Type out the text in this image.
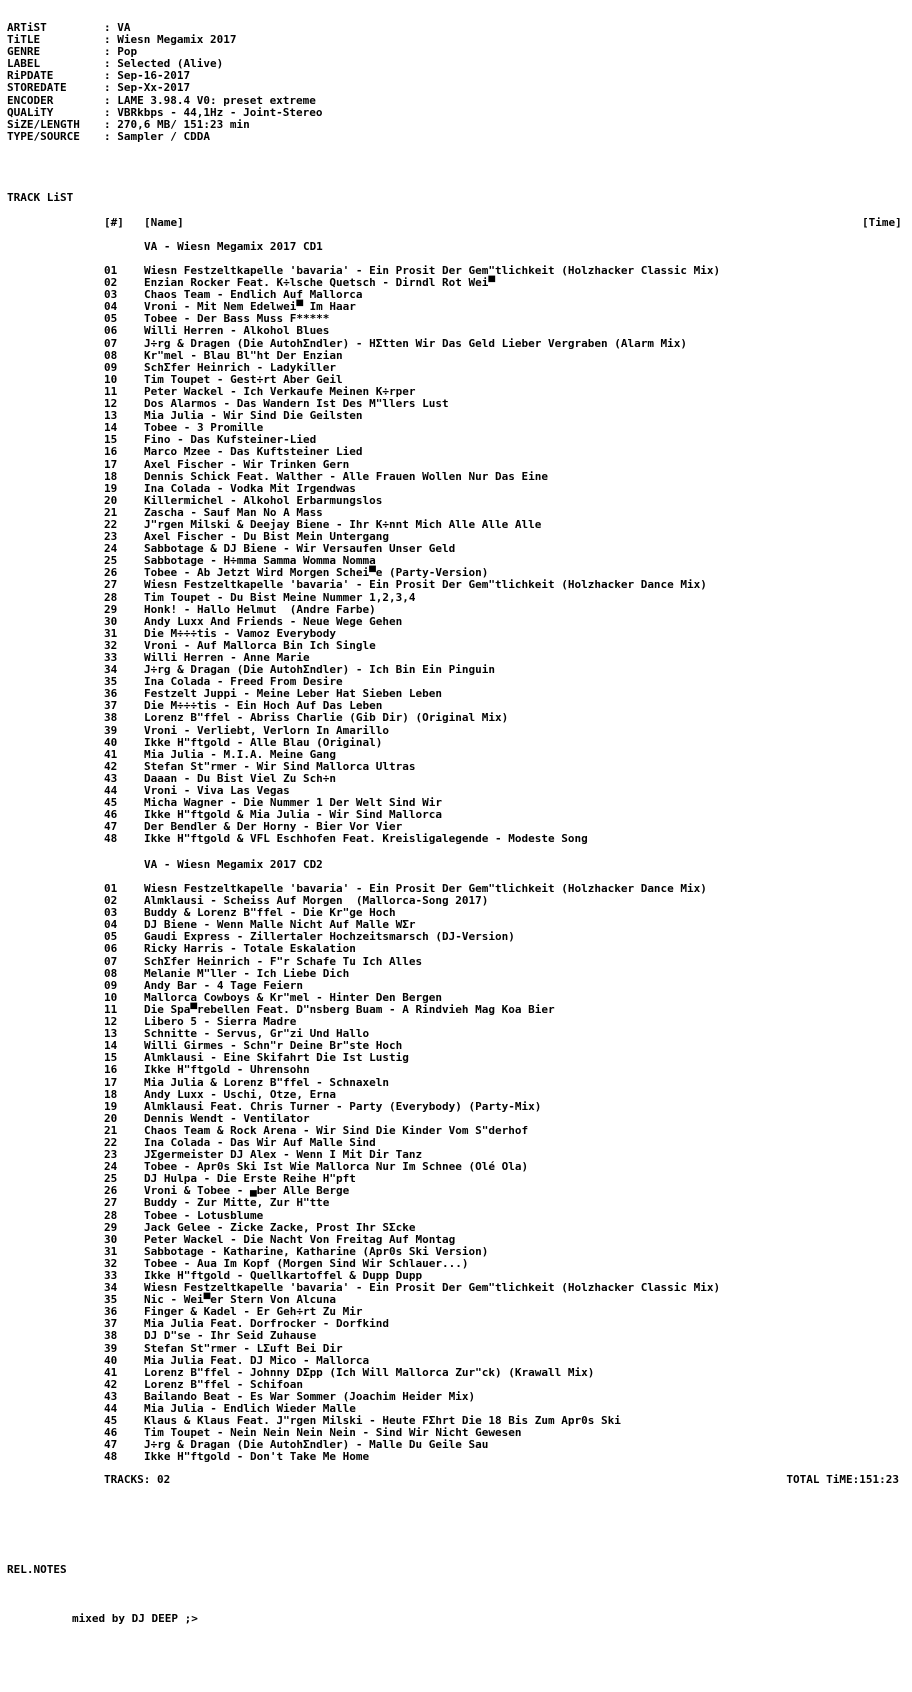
ARTiST	: VA
TiTLE	: Wiesn Megamix 2017
GENRE	: Pop
LABEL	: Selected (Alive)
RiPDATE	: Sep-16-2017
STOREDATE	: Sep-Xx-2017
ENCODER	: LAME 3.98.4 V0: preset extreme
QUALiTY	: VBRkbps - 44,1Hz - Joint-Stereo
SiZE/LENGTH : 270,6 MB/ 151:23 min
TYPE/SOURCE : Sampler / CDDA
TRACK LiST
[#] [Name]	[Time]
VA - Wiesn Megamix 2017 CD1
01 Wiesn Festzeltkapelle 'bavaria' - Ein Prosit Der Gem"tlichkeit (Holzhacker Classic Mix)
02 Enzian Rocker Feat. K÷lsche Quetsch - Dirndl Rot Wei▀
03 Chaos Team - Endlich Auf Mallorca
04 Vroni - Mit Nem Edelwei▀ Im Haar
05 Tobee - Der Bass Muss F*****
06 Willi Herren - Alkohol Blues
07 J÷rg & Dragen (Die AutohΣndler) - HΣtten Wir Das Geld Lieber Vergraben (Alarm Mix)
08 Kr"mel - Blau Bl"ht Der Enzian
09 SchΣfer Heinrich - Ladykiller
10 Tim Toupet - Gest÷rt Aber Geil
11 Peter Wackel - Ich Verkaufe Meinen K÷rper
12 Dos Alarmos - Das Wandern Ist Des M"llers Lust
13 Mia Julia - Wir Sind Die Geilsten
14 Tobee - 3 Promille
15 Fino - Das Kufsteiner-Lied
16 Marco Mzee - Das Kuftsteiner Lied
17 Axel Fischer - Wir Trinken Gern
18 Dennis Schick Feat. Walther - Alle Frauen Wollen Nur Das Eine
19 Ina Colada - Vodka Mit Irgendwas
20 Killermichel - Alkohol Erbarmungslos
21 Zascha - Sauf Man No A Mass
22 J"rgen Milski & Deejay Biene - Ihr K÷nnt Mich Alle Alle Alle
23 Axel Fischer - Du Bist Mein Untergang
24 Sabbotage & DJ Biene - Wir Versaufen Unser Geld
25 Sabbotage - H÷mma Samma Womma Nomma
26 Tobee - Ab Jetzt Wird Morgen Schei▀e (Party-Version)
27 Wiesn Festzeltkapelle 'bavaria' - Ein Prosit Der Gem"tlichkeit (Holzhacker Dance Mix)
28 Tim Toupet - Du Bist Meine Nummer 1,2,3,4
29 Honk! - Hallo Helmut  (Andre Farbe)
30 Andy Luxx And Friends - Neue Wege Gehen
31 Die M÷÷÷tis - Vamoz Everybody
32 Vroni - Auf Mallorca Bin Ich Single
33 Willi Herren - Anne Marie
34 J÷rg & Dragan (Die AutohΣndler) - Ich Bin Ein Pinguin
35 Ina Colada - Freed From Desire
36 Festzelt Juppi - Meine Leber Hat Sieben Leben
37 Die M÷÷÷tis - Ein Hoch Auf Das Leben
38 Lorenz B"ffel - Abriss Charlie (Gib Dir) (Original Mix)
39 Vroni - Verliebt, Verlorn In Amarillo
40 Ikke H"ftgold - Alle Blau (Original)
41 Mia Julia - M.I.A. Meine Gang
42 Stefan St"rmer - Wir Sind Mallorca Ultras
43 Daaan - Du Bist Viel Zu Sch÷n
44 Vroni - Viva Las Vegas
45 Micha Wagner - Die Nummer 1 Der Welt Sind Wir
46 Ikke H"ftgold & Mia Julia - Wir Sind Mallorca
47 Der Bendler & Der Horny - Bier Vor Vier
48 Ikke H"ftgold & VFL Eschhofen Feat. Kreisligalegende - Modeste Song
VA - Wiesn Megamix 2017 CD2
01 Wiesn Festzeltkapelle 'bavaria' - Ein Prosit Der Gem"tlichkeit (Holzhacker Dance Mix)
02 Almklausi - Scheiss Auf Morgen  (Mallorca-Song 2017)
03 Buddy & Lorenz B"ffel - Die Kr"ge Hoch
04 DJ Biene - Wenn Malle Nicht Auf Malle WΣr
05 Gaudi Express - Zillertaler Hochzeitsmarsch (DJ-Version)
06 Ricky Harris - Totale Eskalation
07 SchΣfer Heinrich - F"r Schafe Tu Ich Alles
08 Melanie M"ller - Ich Liebe Dich
09 Andy Bar - 4 Tage Feiern
10 Mallorca Cowboys & Kr"mel - Hinter Den Bergen
11 Die Spa▀rebellen Feat. D"nsberg Buam - A Rindvieh Mag Koa Bier
12 Libero 5 - Sierra Madre
13 Schnitte - Servus, Gr"zi Und Hallo
14 Willi Girmes - Schn"r Deine Br"ste Hoch
15 Almklausi - Eine Skifahrt Die Ist Lustig
16 Ikke H"ftgold - Uhrensohn
17 Mia Julia & Lorenz B"ffel - Schnaxeln
18 Andy Luxx - Uschi, Otze, Erna
19 Almklausi Feat. Chris Turner - Party (Everybody) (Party-Mix)
20 Dennis Wendt - Ventilator
21 Chaos Team & Rock Arena - Wir Sind Die Kinder Vom S"derhof
22 Ina Colada - Das Wir Auf Malle Sind
23 JΣgermeister DJ Alex - Wenn I Mit Dir Tanz
24 Tobee - Apr0s Ski Ist Wie Mallorca Nur Im Schnee (Olé Ola)
25 DJ Hulpa - Die Erste Reihe H"pft
26 Vroni & Tobee - ▄ber Alle Berge
27 Buddy - Zur Mitte, Zur H"tte
28 Tobee - Lotusblume
29 Jack Gelee - Zicke Zacke, Prost Ihr SΣcke
30 Peter Wackel - Die Nacht Von Freitag Auf Montag
31 Sabbotage - Katharine, Katharine (Apr0s Ski Version)
32 Tobee - Aua Im Kopf (Morgen Sind Wir Schlauer...)
33 Ikke H"ftgold - Quellkartoffel & Dupp Dupp
34 Wiesn Festzeltkapelle 'bavaria' - Ein Prosit Der Gem"tlichkeit (Holzhacker Classic Mix)
35 Nic - Wei▀er Stern Von Alcuna
36 Finger & Kadel - Er Geh÷rt Zu Mir
37 Mia Julia Feat. Dorfrocker - Dorfkind
38 DJ D"se - Ihr Seid Zuhause
39 Stefan St"rmer - LΣuft Bei Dir
40 Mia Julia Feat. DJ Mico - Mallorca
41 Lorenz B"ffel - Johnny DΣpp (Ich Will Mallorca Zur"ck) (Krawall Mix)
42 Lorenz B"ffel - Schifoan
43 Bailando Beat - Es War Sommer (Joachim Heider Mix)
44 Mia Julia - Endlich Wieder Malle
45 Klaus & Klaus Feat. J"rgen Milski - Heute FΣhrt Die 18 Bis Zum Apr0s Ski
46 Tim Toupet - Nein Nein Nein Nein - Sind Wir Nicht Gewesen
47 J÷rg & Dragan (Die AutohΣndler) - Malle Du Geile Sau
48 Ikke H"ftgold - Don't Take Me Home
TRACKS: 02	TOTAL TiME:151:23
REL.NOTES
mixed by DJ DEEP ;>
